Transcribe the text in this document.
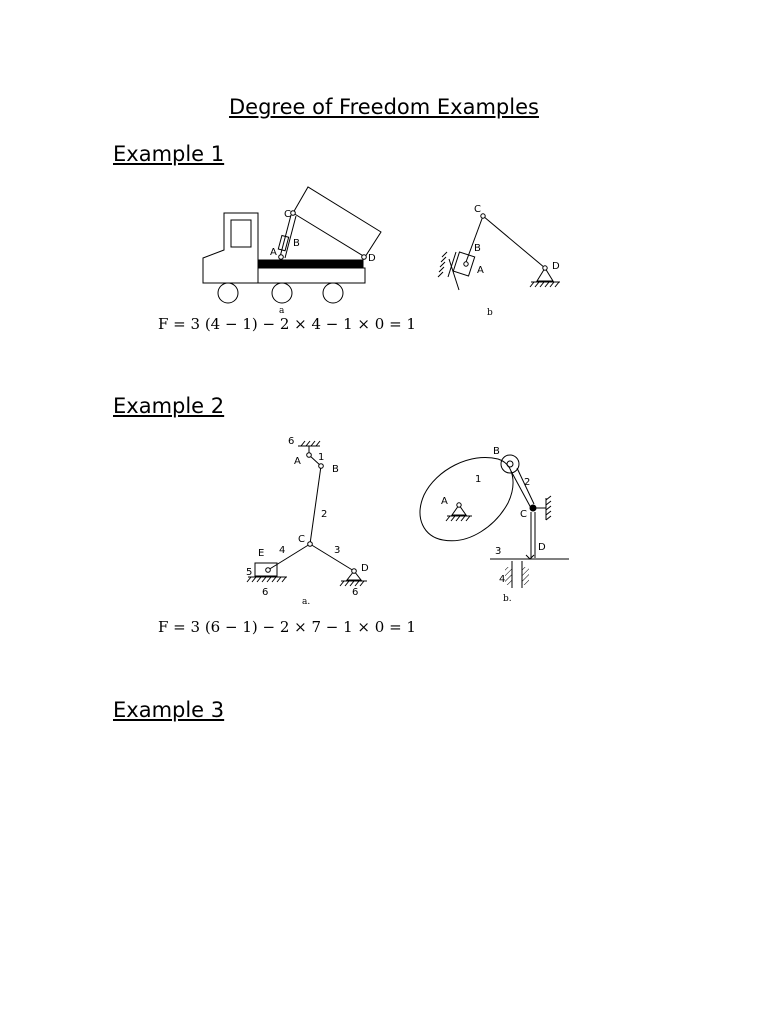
Degree of Freedom Examples
Example 1
F = 3 (4 − 1) − 2 × 4 − 1 × 0 = 1
Example 2
F = 3 (6 − 1) − 2 × 7 − 1 × 0 = 1
Example 3
C
A
B
D
a
C
B
A	D
b
6
A 1
B
2
C
4	3
E
5	D
6	6
a.
B
1	2
A
C
D
3
4
b.
